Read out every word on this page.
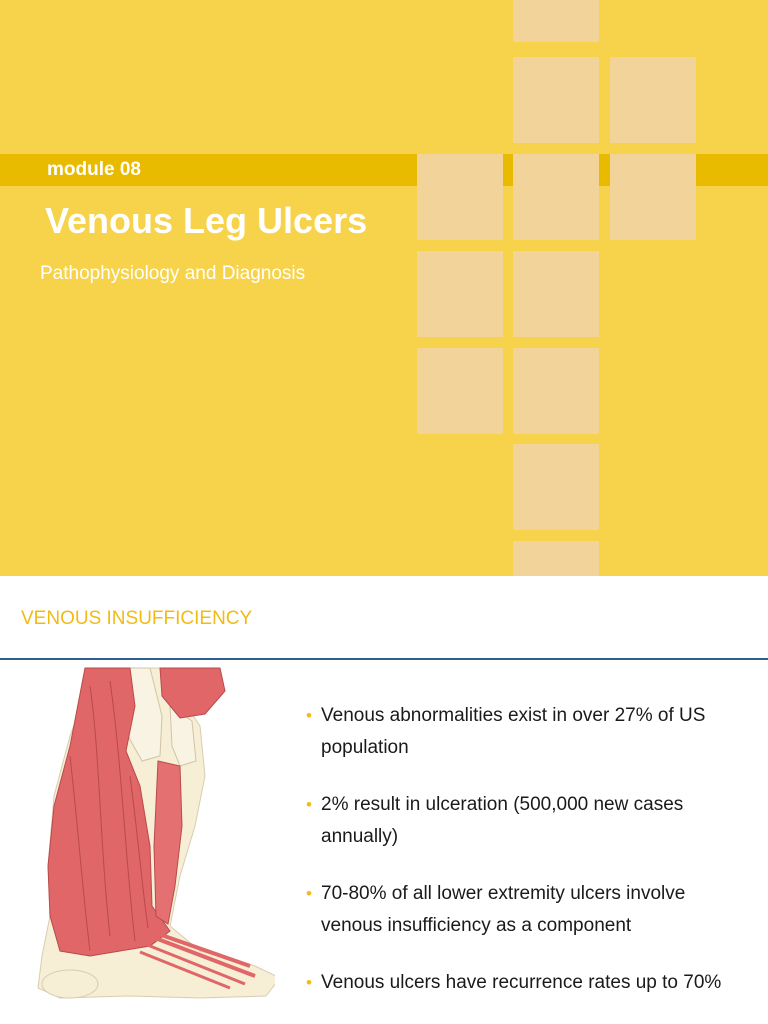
module 08
Venous Leg Ulcers
Pathophysiology and Diagnosis
VENOUS INSUFFICIENCY
• Venous abnormalities exist in over 27% of US population
• 2% result in ulceration (500,000 new cases annually)
• 70-80% of all lower extremity ulcers involve venous insufficiency as a component
• Venous ulcers have recurrence rates up to 70%
